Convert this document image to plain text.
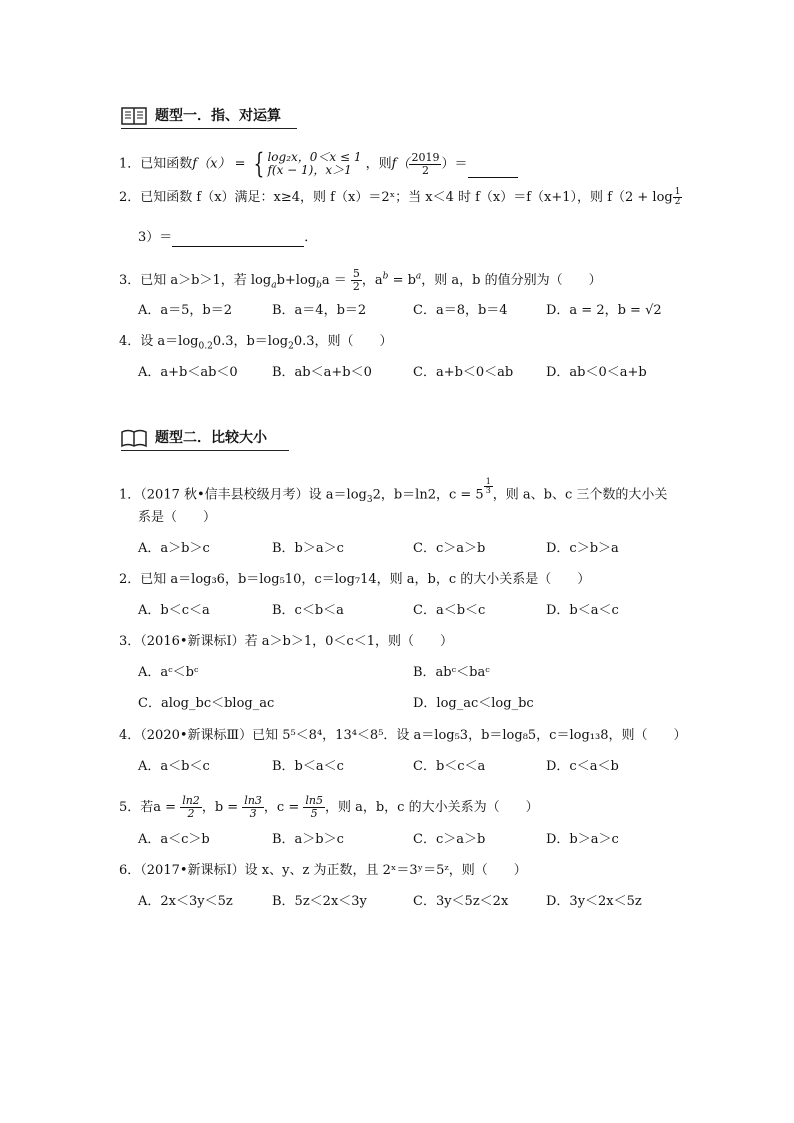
题型一．指、对运算
1．已知函数f（x） = { log₂x，0＜x ≤ 1
f(x − 1)，x＞1 ，则$f( \frac{2019}{2}$ ）＝
2．已知函数 f（x）满足：x≥4，则 f（x）＝2ˣ；当 x＜4 时 f（x）＝f（x+1），则 $f(2 + \log \frac{1}{2}$
3）＝	．
3．已知 a＞b＞1，若 $\log_ab+\log_ba = \frac{5}{2}$ ，$a^b = b^a$，则 a，b 的值分别为（　　）
A．a＝5，b＝2	B．a＝4，b＝2	C．a＝8，b＝4	D．a = 2，b = √2
4．设 $a=\log_{0.2}0.3$，$b=\log_20.3$，则（　　）
A．a+b＜ab＜0	B．ab＜a+b＜0	C．a+b＜0＜ab	D．ab＜0＜a+b
题型二．比较大小
1．（2017 秋•信丰县校级月考）设 $a=\log_32$，b＝ln2，c = 5 $^{\frac{1}{3}}$ ，则 a、b、c 三个数的大小关
系是（　　）
A．a＞b＞c	B．b＞a＞c	C．c＞a＞b	D．c＞b＞a
2．已知 a＝log₃6，b＝log₅10，c＝log₇14，则 a，b，c 的大小关系是（　　）
A．b＜c＜a	B．c＜b＜a	C．a＜b＜c	D．b＜a＜c
3．（2016•新课标Ⅰ）若 a＞b＞1，0＜c＜1，则（　　）
A．aᶜ＜bᶜ	B．abᶜ＜baᶜ
C．alog_bc＜blog_ac	D．log_ac＜log_bc
4．（2020•新课标Ⅲ）已知 5⁵＜8⁴，13⁴＜8⁵．设 a＝log₅3，b＝log₈5，c＝log₁₃8，则（　　）
A．a＜b＜c	B．b＜a＜c	C．b＜c＜a	D．c＜a＜b
5．若$a = \frac{\ln 2}{2}$ ，$b = \frac{\ln 3}{3}$ ，$c = \frac{\ln 5}{5}$ ，则 a，b，c 的大小关系为（　　）
A．a＜c＞b	B．a＞b＞c	C．c＞a＞b	D．b＞a＞c
6．（2017•新课标Ⅰ）设 x、y、z 为正数，且 2ˣ＝3ʸ＝5ᶻ，则（　　）
A．2x＜3y＜5z	B．5z＜2x＜3y	C．3y＜5z＜2x	D．3y＜2x＜5z
